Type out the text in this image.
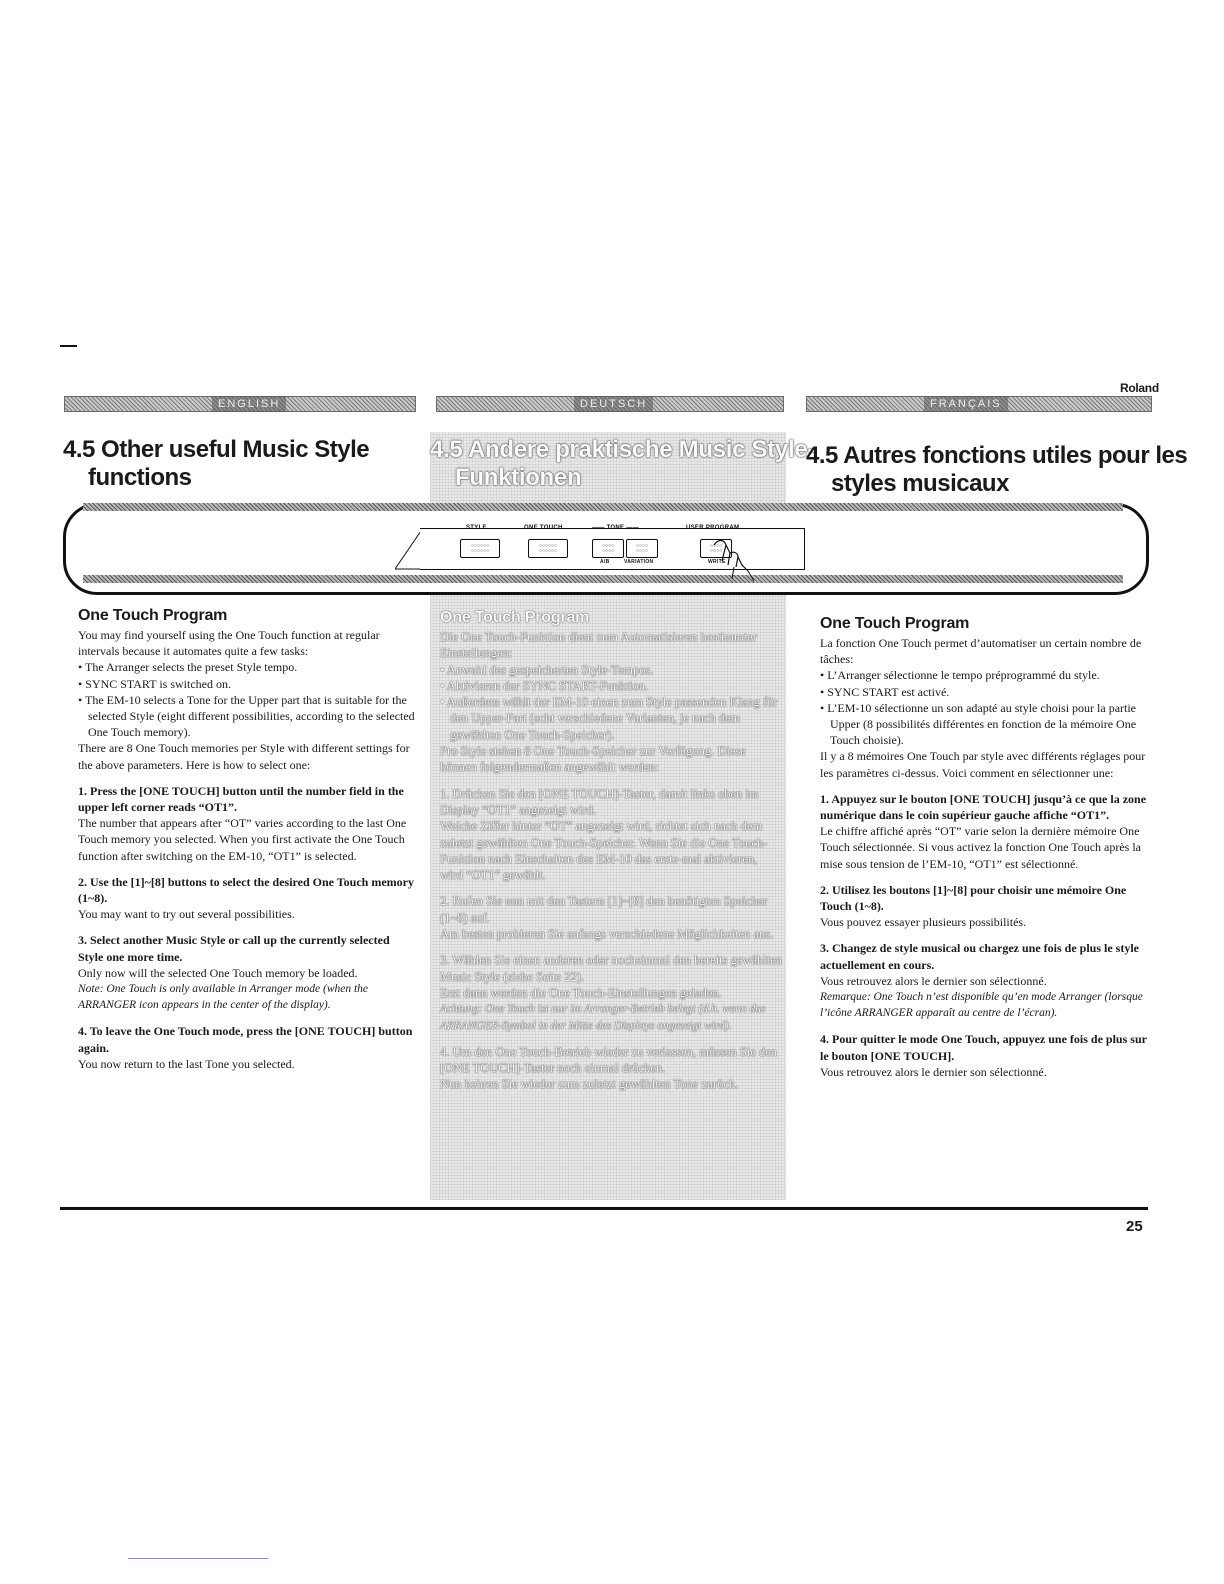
Roland
ENGLISH	DEUTSCH	FRANÇAIS
4.5 Other useful Music Style
functions
4.5 Andere praktische Music Style-
Funktionen
4.5 Autres fonctions utiles pour les
styles musicaux
STYLE	ONE TOUCH	—— TONE ——	USER PROGRAM
○○○○○○
○○○○○○
○○○○○○
○○○○○○
○○○○
○○○○
○○○○
○○○○
○○○○
○○○○
A/B	VARIATION	WRITE
One Touch Program

You may find yourself using the One Touch function at regular intervals because it automates quite a few tasks:

• The Arranger selects the preset Style tempo.

• SYNC START is switched on.

• The EM-10 selects a Tone for the Upper part that is suitable for the selected Style (eight different possibilities, according to the selected One Touch memory).

There are 8 One Touch memories per Style with different settings for the above parameters. Here is how to select one:

1. Press the [ONE TOUCH] button until the number field in the upper left corner reads “OT1”.

The number that appears after “OT” varies according to the last One Touch memory you selected. When you first activate the One Touch function after switching on the EM-10, “OT1” is selected.

2. Use the [1]~[8] buttons to select the desired One Touch memory (1~8).

You may want to try out several possibilities.

3. Select another Music Style or call up the currently selected Style one more time.

Only now will the selected One Touch memory be loaded.

Note: One Touch is only available in Arranger mode (when the ARRANGER icon appears in the center of the display).

4. To leave the One Touch mode, press the [ONE TOUCH] button again.

You now return to the last Tone you selected.

One Touch Program

Die One Touch-Funktion dient zum Automatisieren bestimmter Einstellungen:

• Anwahl des gespeicherten Style-Tempos.

• Aktivieren der SYNC START-Funktion.

• Außerdem wählt der EM-10 einen zum Style passenden Klang für den Upper-Part (acht verschiedene Varianten, je nach dem gewählten One Touch-Speicher).

Pro Style stehen 8 One Touch-Speicher zur Verfügung. Diese können folgendermaßen angewählt werden:

1. Drücken Sie den [ONE TOUCH]-Taster, damit links oben im Display “OT1” angezeigt wird.

Welche Ziffer hinter “OT” angezeigt wird, richtet sich nach dem zuletzt gewählten One Touch-Speicher. Wenn Sie die One Touch-Funktion nach Einschalten des EM-10 das erste-mal aktivieren, wird “OT1” gewählt.

2. Rufen Sie nun mit den Tastern [1]~[8] den benötigten Speicher (1~8) auf.

Am besten probieren Sie anfangs verschiedene Möglichkeiten aus.

3. Wählen Sie einen anderen oder nocheinmal den bereits gewählten Music Style (siehe Seite 22).

Erst dann werden die One Touch-Einstellungen geladen.

Achtung: One Touch ist nur im Arranger-Betrieb belegt (d.h. wenn das ARRANGER-Symbol in der Mitte des Displays angezeigt wird).

4. Um den One Touch-Betrieb wieder zu verlassen, müssen Sie den [ONE TOUCH]-Taster noch einmal drücken.

Nun kehren Sie wieder zum zuletzt gewählten Tone zurück.

One Touch Program

La fonction One Touch permet d’automatiser un certain nombre de tâches:

• L’Arranger sélectionne le tempo préprogrammé du style.

• SYNC START est activé.

• L’EM-10 sélectionne un son adapté au style choisi pour la partie Upper (8 possibilités différentes en fonction de la mémoire One Touch choisie).

Il y a 8 mémoires One Touch par style avec différents réglages pour les paramètres ci-dessus. Voici comment en sélectionner une:

1. Appuyez sur le bouton [ONE TOUCH] jusqu’à ce que la zone numérique dans le coin supérieur gauche affiche “OT1”.

Le chiffre affiché après “OT” varie selon la dernière mémoire One Touch sélectionnée. Si vous activez la fonction One Touch après la mise sous tension de l’EM-10, “OT1” est sélectionné.

2. Utilisez les boutons [1]~[8] pour choisir une mémoire One Touch (1~8).

Vous pouvez essayer plusieurs possibilités.

3. Changez de style musical ou chargez une fois de plus le style actuellement en cours.

Vous retrouvez alors le dernier son sélectionné.

Remarque: One Touch n’est disponible qu’en mode Arranger (lorsque l’icône ARRANGER apparaît au centre de l’écran).

4. Pour quitter le mode One Touch, appuyez une fois de plus sur le bouton [ONE TOUCH].

Vous retrouvez alors le dernier son sélectionné.

25
